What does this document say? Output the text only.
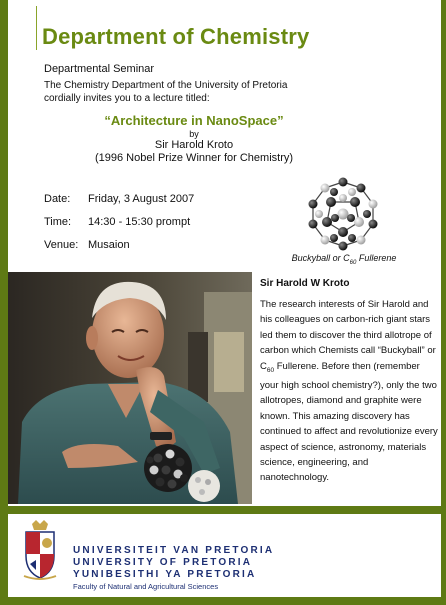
Department of Chemistry
Departmental Seminar
The Chemistry Department of the University of Pretoria
cordially invites you to a lecture titled:
“Architecture in NanoSpace”
by
Sir Harold Kroto
(1996 Nobel Prize Winner for Chemistry)
Date:	Friday, 3 August 2007
Time:	14:30 - 15:30 prompt
Venue: Musaion
Buckyball or $C_{60}$ Fullerene
Sir Harold W Kroto

The research interests of Sir Harold and his colleagues on carbon-rich giant stars led them to discover the third allotrope of carbon which Chemists call “Buckyball” or $C_{60}$ Fullerene. Before then (remember your high school chemistry?), only the two allotropes, diamond and graphite were known. This amazing discovery has continued to affect and revolutionize every aspect of science, astronomy, materials science, engineering, and nanotechnology.

UNIVERSITEIT VAN PRETORIA
UNIVERSITY OF PRETORIA
YUNIBESITHI YA PRETORIA
Faculty of Natural and Agricultural Sciences
